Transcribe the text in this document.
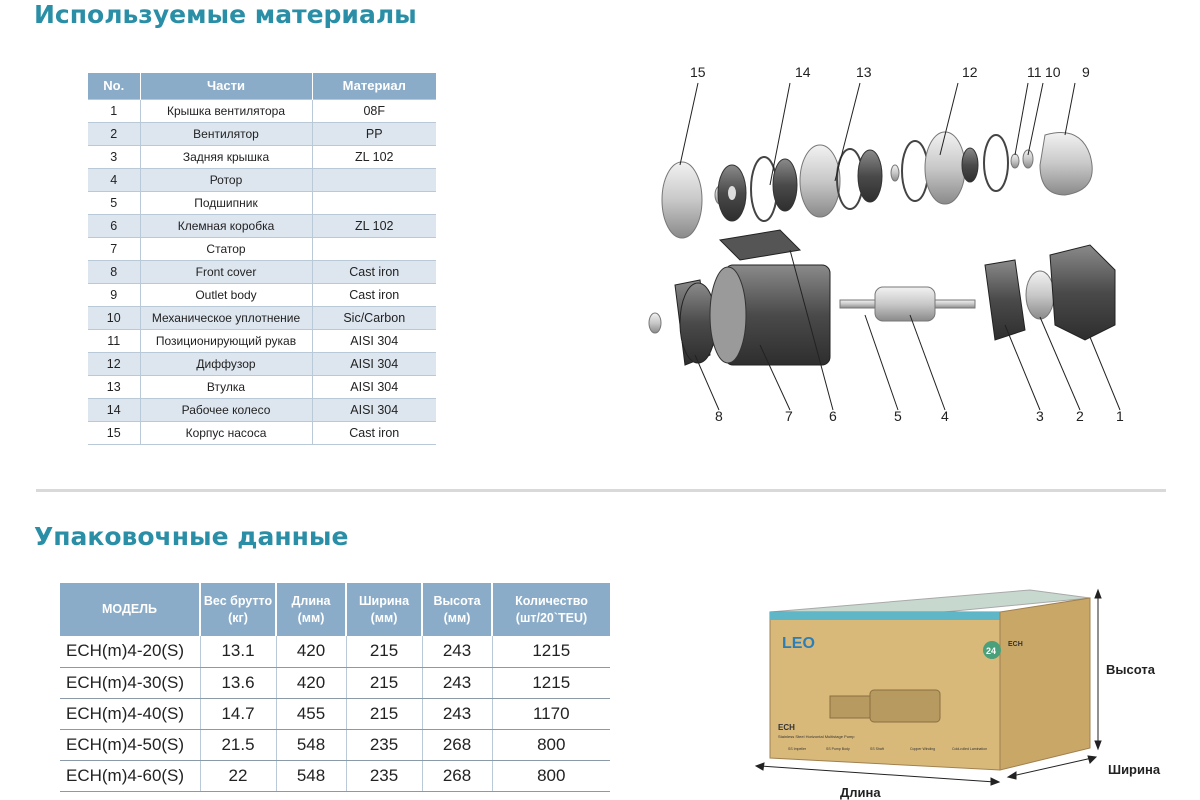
Используемые материалы
No.	Части	Материал
1	Крышка вентилятора	08F
2	Вентилятор	PP
3	Задняя крышка	ZL 102
4	Ротор	
5	Подшипник	
6	Клемная коробка	ZL 102
7	Статор	
8	Front cover	Cast iron
9	Outlet body	Cast iron
10	Механическое уплотнение	Sic/Carbon
11	Позиционирующий рукав	AISI 304
12	Диффузор	AISI 304
13	Втулка	AISI 304
14	Рабочее колесо	AISI 304
15	Корпус насоса	Cast iron
15	14	13	12	11 10 9
8	7	6	5	4	3 2 1
Упаковочные данные
МОДЕЛЬ	Вес брутто (кг)	Длина (мм)	Ширина (мм)	Высота (мм)	Количество (шт/20`TEU)
ECH(m)4-20(S)	13.1	420	215	243	1215
ECH(m)4-30(S)	13.6	420	215	243	1215
ECH(m)4-40(S)	14.7	455	215	243	1170
ECH(m)4-50(S)	21.5	548	235	268	800
ECH(m)4-60(S)	22	548	235	268	800
LEO
ECH
Stainless Steel Horizontal Multistage Pump
SS Impeller	SS Pump Body	SS Shaft	Copper Winding	Cold-rolled Lamination
24
ECH
Высота
Ширина
Длина
